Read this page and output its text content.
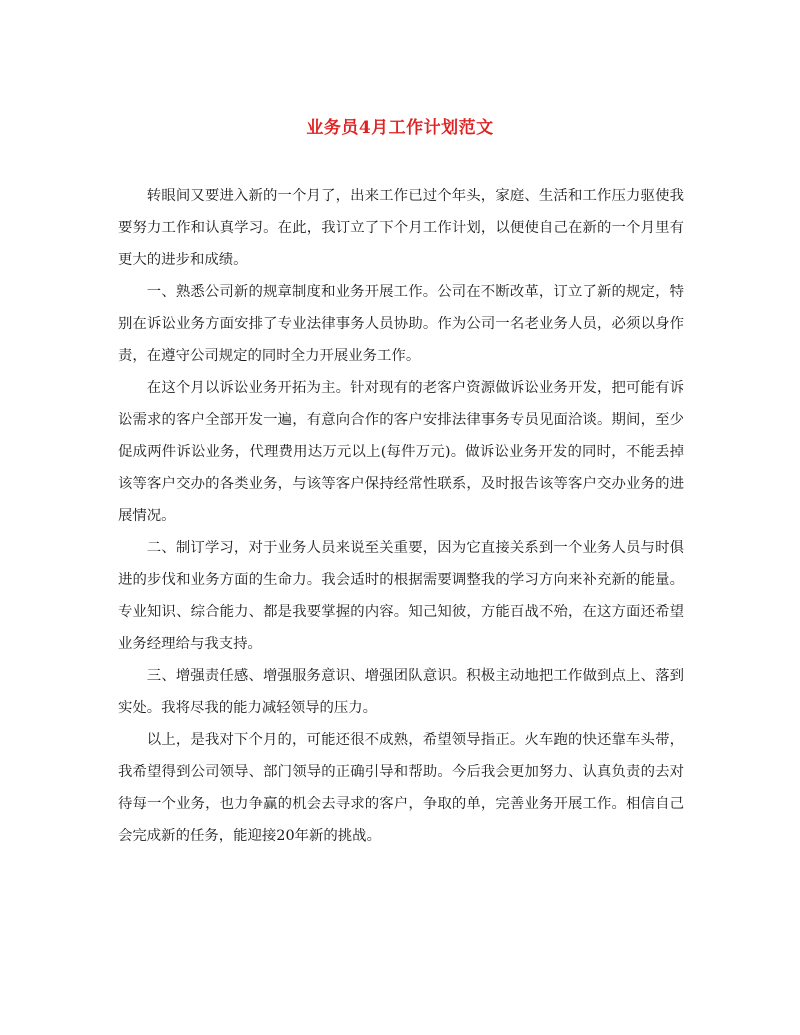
业务员4月工作计划范文

转眼间又要进入新的一个月了，出来工作已过个年头，家庭、生活和工作压力驱使我要努力工作和认真学习。在此，我订立了下个月工作计划，以便使自己在新的一个月里有更大的进步和成绩。

一、熟悉公司新的规章制度和业务开展工作。公司在不断改革，订立了新的规定，特别在诉讼业务方面安排了专业法律事务人员协助。作为公司一名老业务人员，必须以身作责，在遵守公司规定的同时全力开展业务工作。

在这个月以诉讼业务开拓为主。针对现有的老客户资源做诉讼业务开发，把可能有诉讼需求的客户全部开发一遍，有意向合作的客户安排法律事务专员见面洽谈。期间，至少促成两件诉讼业务，代理费用达万元以上(每件万元)。做诉讼业务开发的同时，不能丢掉该等客户交办的各类业务，与该等客户保持经常性联系，及时报告该等客户交办业务的进展情况。

二、制订学习，对于业务人员来说至关重要，因为它直接关系到一个业务人员与时俱进的步伐和业务方面的生命力。我会适时的根据需要调整我的学习方向来补充新的能量。专业知识、综合能力、都是我要掌握的内容。知己知彼，方能百战不殆，在这方面还希望业务经理给与我支持。

三、增强责任感、增强服务意识、增强团队意识。积极主动地把工作做到点上、落到实处。我将尽我的能力减轻领导的压力。

以上，是我对下个月的，可能还很不成熟，希望领导指正。火车跑的快还靠车头带，我希望得到公司领导、部门领导的正确引导和帮助。今后我会更加努力、认真负责的去对待每一个业务，也力争赢的机会去寻求的客户，争取的单，完善业务开展工作。相信自己会完成新的任务，能迎接20年新的挑战。
